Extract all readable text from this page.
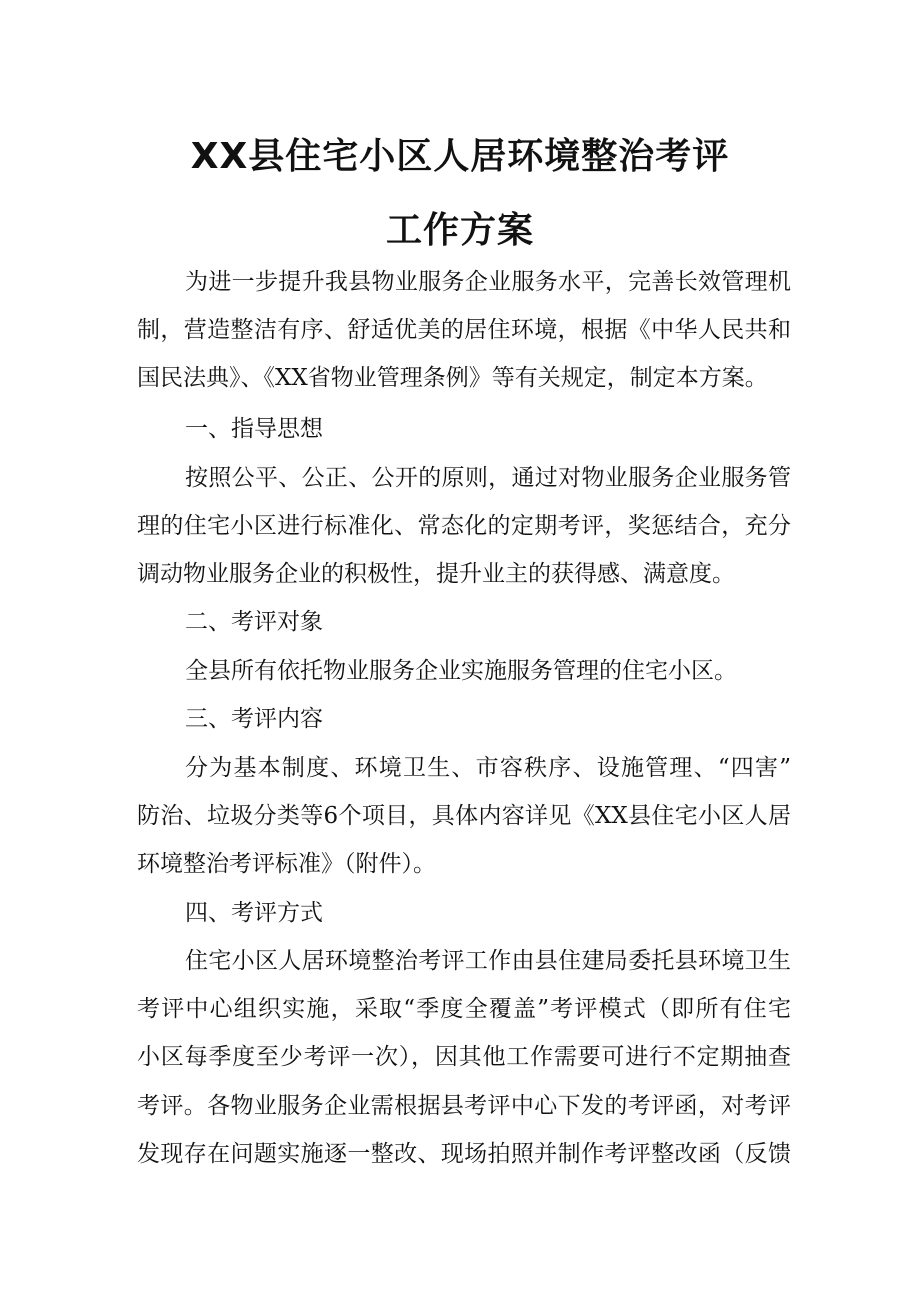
XX县住宅小区人居环境整治考评
工作方案
为进一步提升我县物业服务企业服务水平，完善长效管理机
制，营造整洁有序、舒适优美的居住环境，根据《中华人民共和
国民法典》、《XX省物业管理条例》等有关规定，制定本方案。
一、指导思想
按照公平、公正、公开的原则，通过对物业服务企业服务管
理的住宅小区进行标准化、常态化的定期考评，奖惩结合，充分
调动物业服务企业的积极性，提升业主的获得感、满意度。
二、考评对象
全县所有依托物业服务企业实施服务管理的住宅小区。
三、考评内容
分为基本制度、环境卫生、市容秩序、设施管理、“四害”
防治、垃圾分类等6个项目，具体内容详见《XX县住宅小区人居
环境整治考评标准》（附件）。
四、考评方式
住宅小区人居环境整治考评工作由县住建局委托县环境卫生
考评中心组织实施，采取“季度全覆盖”考评模式（即所有住宅
小区每季度至少考评一次），因其他工作需要可进行不定期抽查
考评。各物业服务企业需根据县考评中心下发的考评函，对考评
发现存在问题实施逐一整改、现场拍照并制作考评整改函（反馈
